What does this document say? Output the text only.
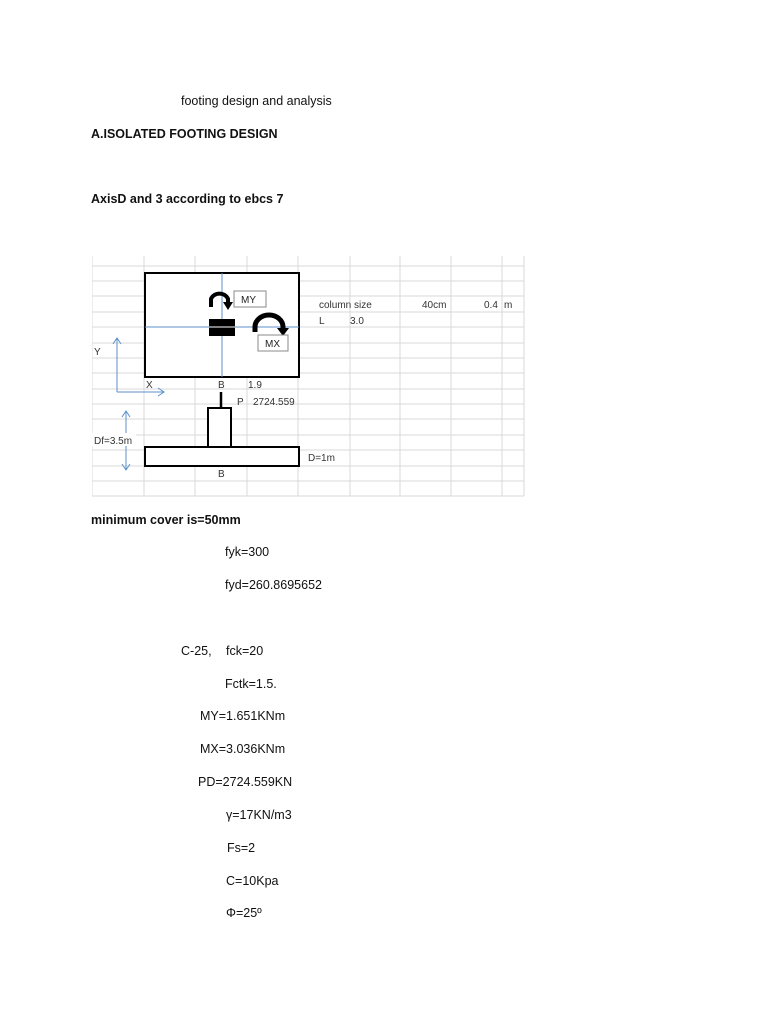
footing design and analysis
A.ISOLATED FOOTING DESIGN
AxisD and 3 according to ebcs 7
MY
MX
column size	40cm	0.4 m
L	3.0
Y
X	B 1.9
P 2724.559
Df=3.5m
D=1m
B
minimum cover is=50mm
fyk=300
fyd=260.8695652
C-25, fck=20
Fctk=1.5.
MY=1.651KNm
MX=3.036KNm
PD=2724.559KN
γ=17KN/m3
Fs=2
C=10Kpa
Φ=25º
